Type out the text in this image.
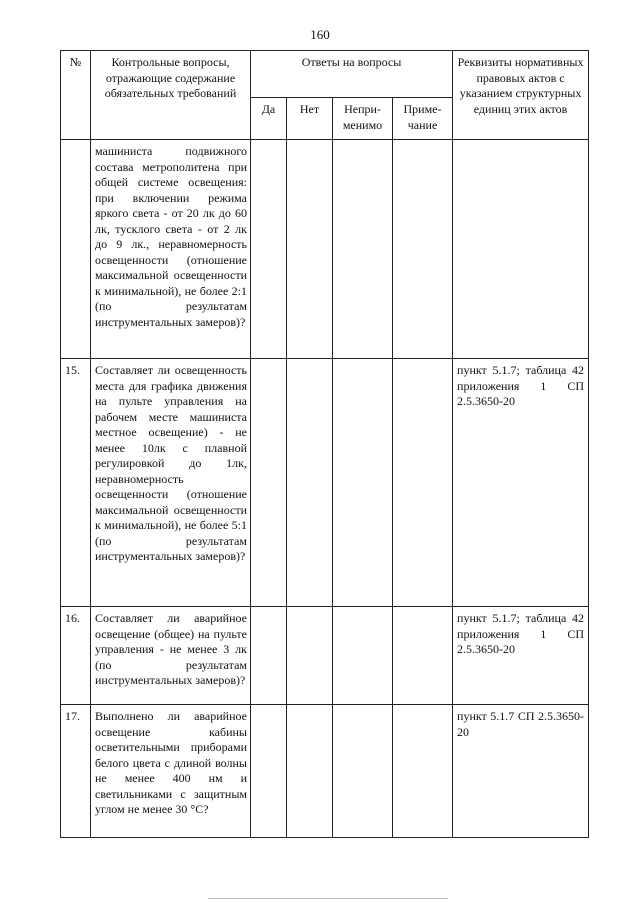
160
№	Контрольные вопросы, отражающие содержание обязательных требований	Ответы на вопросы				Реквизиты нормативных правовых актов с указанием структурных единиц этих актов

		Да	Нет	Непри-менимо	Приме-чание	

	машиниста подвижного состава метрополитена при общей системе освещения: при включении режима яркого света - от 20 лк до 60 лк, тусклого света - от 2 лк до 9 лк., неравномерность освещенности (отношение максимальной освещенности к минимальной), не более 2:1 (по результатам инструментальных замеров)?					

15.	Составляет ли освещенность места для графика движения на пульте управления на рабочем месте машиниста местное освещение) - не менее 10лк с плавной регулировкой до 1лк, неравномерность освещенности (отношение максимальной освещенности к минимальной), не более 5:1 (по результатам инструментальных замеров)?					пункт 5.1.7; таблица 42 приложения 1 СП 2.5.3650-20

16.	Составляет ли аварийное освещение (общее) на пульте управления - не менее 3 лк (по результатам инструментальных замеров)?					пункт 5.1.7; таблица 42 приложения 1 СП 2.5.3650-20

17.	Выполнено ли аварийное освещение кабины осветительными приборами белого цвета с длиной волны не менее 400 нм и светильниками с защитным углом не менее 30 °С?					пункт 5.1.7 СП 2.5.3650-20
